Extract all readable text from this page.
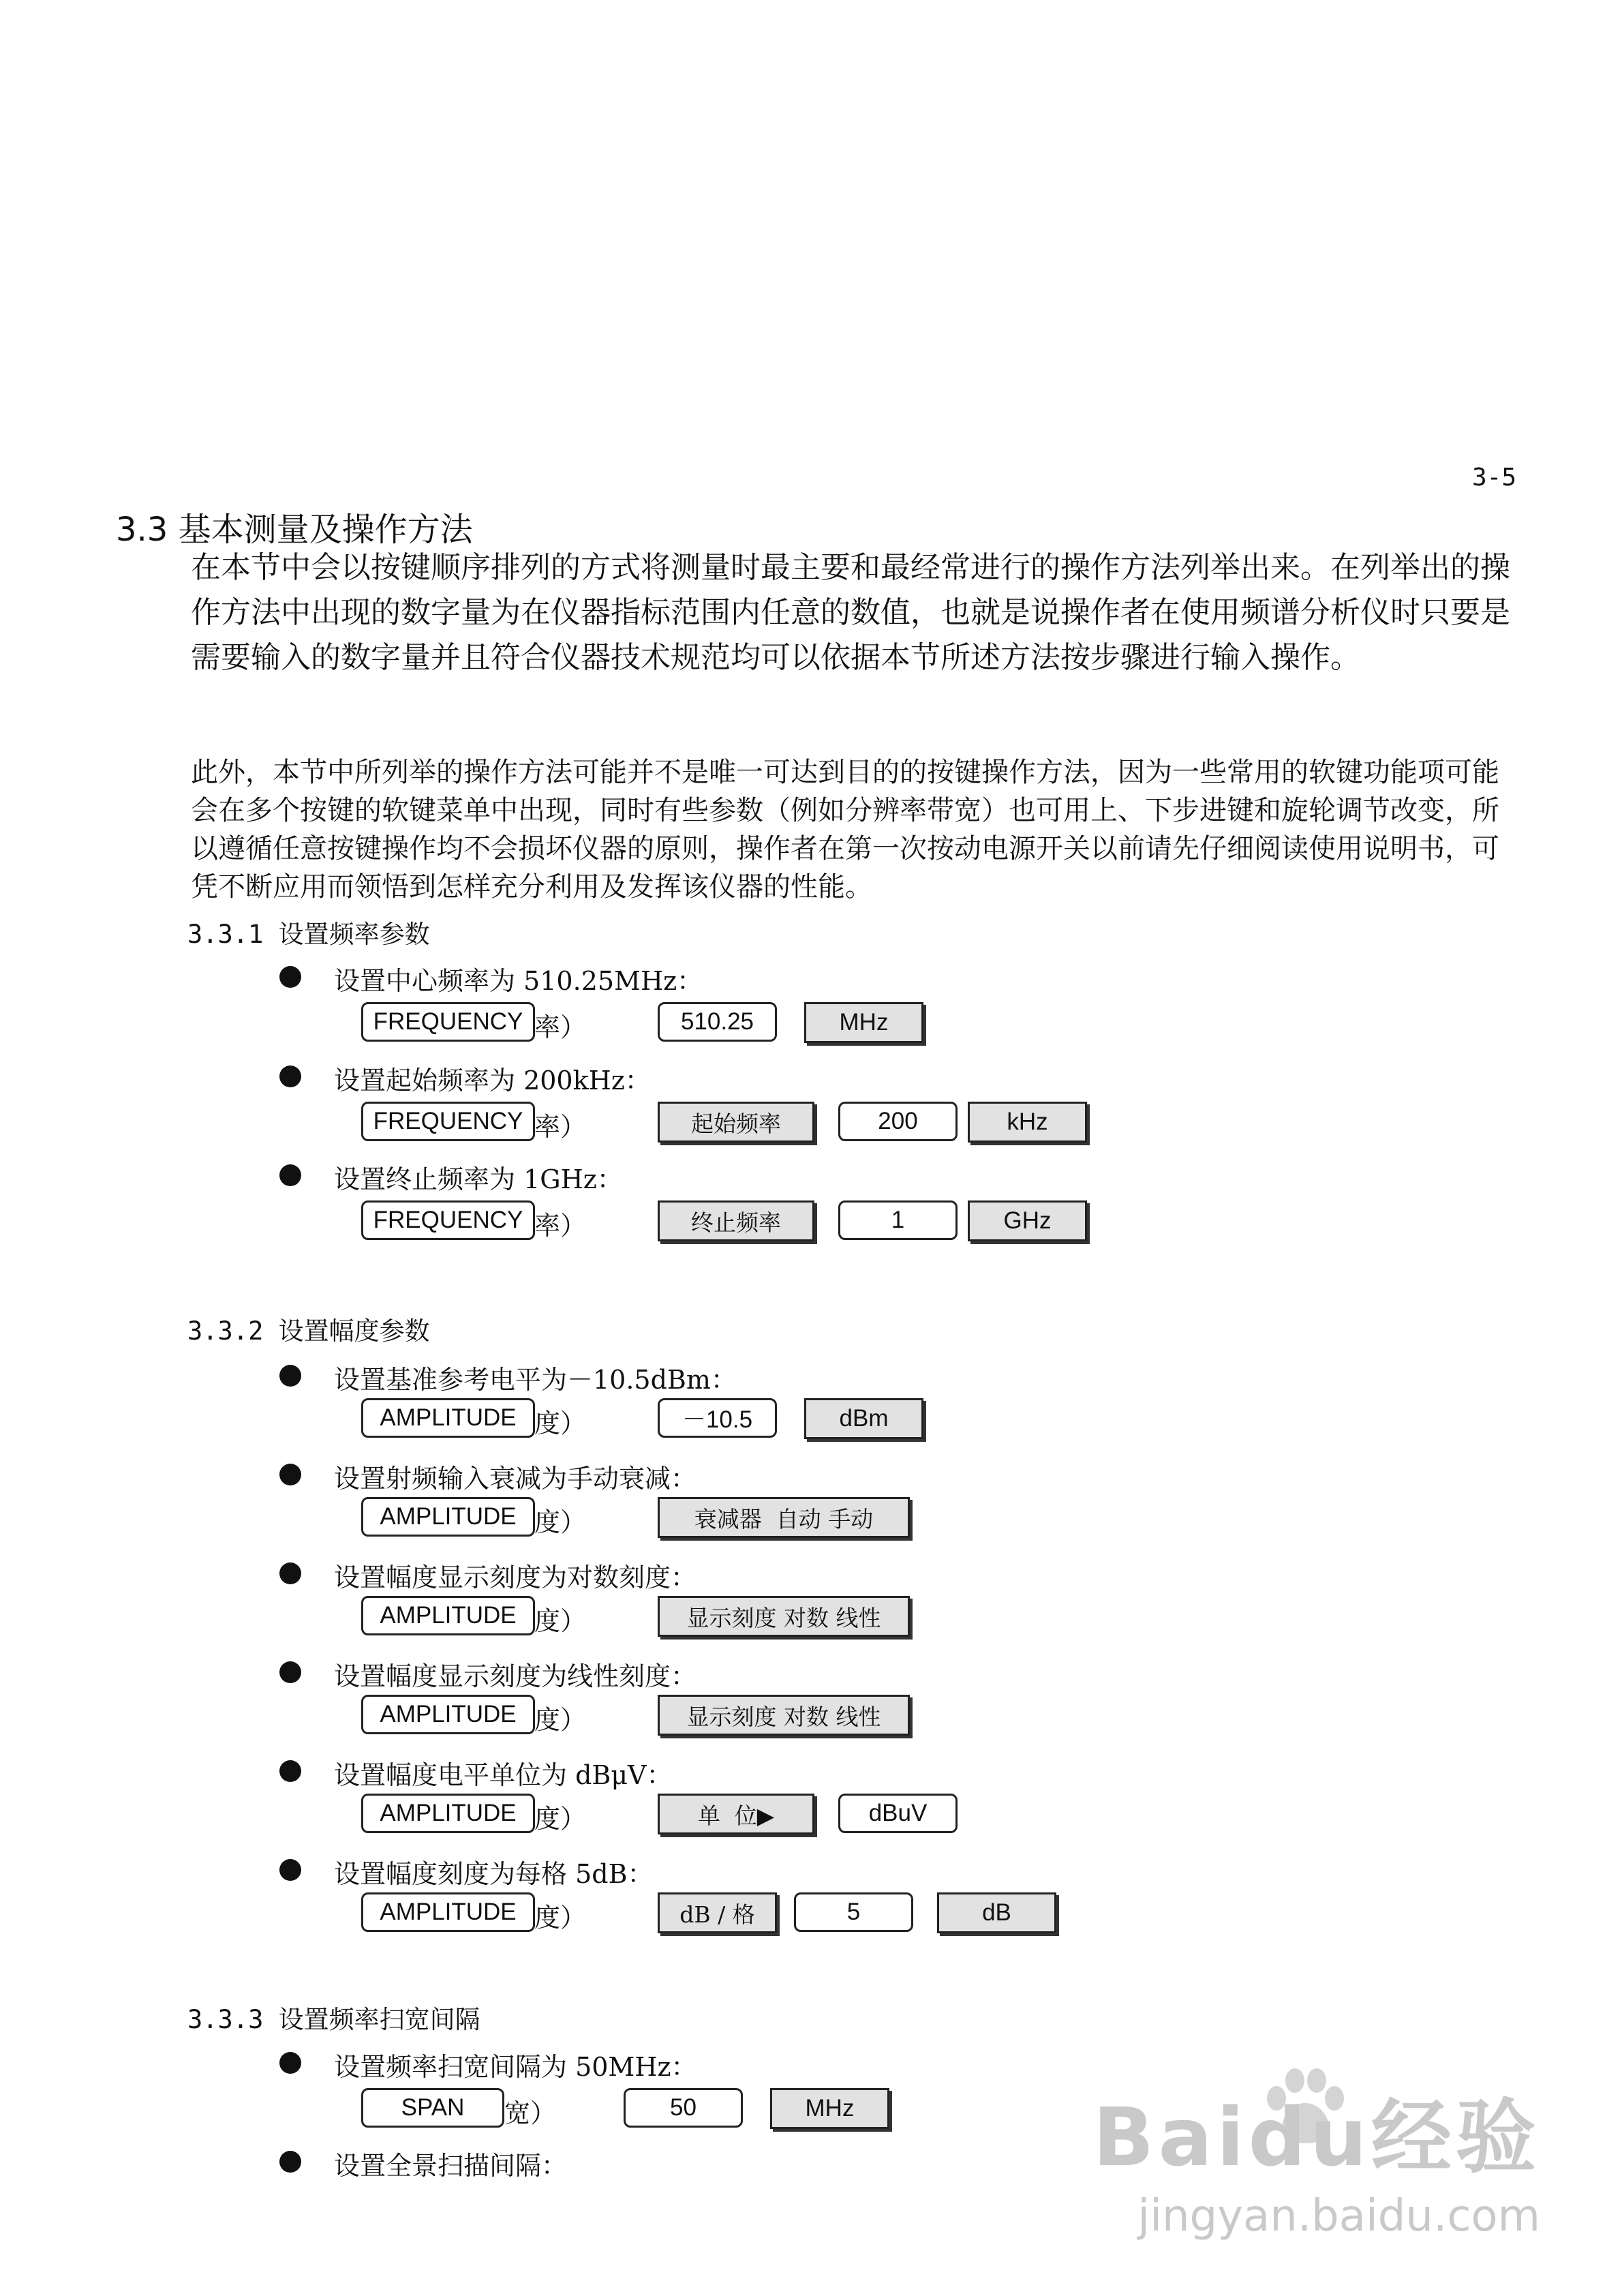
3-5
3.3 基本测量及操作方法

在本节中会以按键顺序排列的方式将测量时最主要和最经常进行的操作方法列举出来。在列举出的操作方法中出现的数字量为在仪器指标范围内任意的数值，也就是说操作者在使用频谱分析仪时只要是需要输入的数字量并且符合仪器技术规范均可以依据本节所述方法按步骤进行输入操作。

此外，本节中所列举的操作方法可能并不是唯一可达到目的的按键操作方法，因为一些常用的软键功能项可能会在多个按键的软键菜单中出现，同时有些参数（例如分辨率带宽）也可用上、下步进键和旋轮调节改变，所以遵循任意按键操作均不会损坏仪器的原则，操作者在第一次按动电源开关以前请先仔细阅读使用说明书，可凭不断应用而领悟到怎样充分利用及发挥该仪器的性能。

3.3.1 设置频率参数
设置中心频率为 510.25MHz：
FREQUENCY 率）	510.25	MHz
设置起始频率为 200kHz：
FREQUENCY 率）	起始频率	200	kHz
设置终止频率为 1GHz：
FREQUENCY 率）	终止频率	1	GHz
3.3.2 设置幅度参数
设置基准参考电平为－10.5dBm：
AMPLITUDE 度）	－10.5	dBm
设置射频输入衰减为手动衰减：
AMPLITUDE 度）	衰减器  自动 手动
设置幅度显示刻度为对数刻度：
AMPLITUDE 度）	显示刻度 对数 线性
设置幅度显示刻度为线性刻度：
AMPLITUDE 度）	显示刻度 对数 线性
设置幅度电平单位为 dBμV：
AMPLITUDE 度）	单  位▶	dBuV
设置幅度刻度为每格 5dB：
AMPLITUDE 度）	dB / 格	5	dB
3.3.3 设置频率扫宽间隔
设置频率扫宽间隔为 50MHz：
SPAN	宽）	50	MHz
设置全景扫描间隔：	Baidu经验
jingyan.baidu.com
